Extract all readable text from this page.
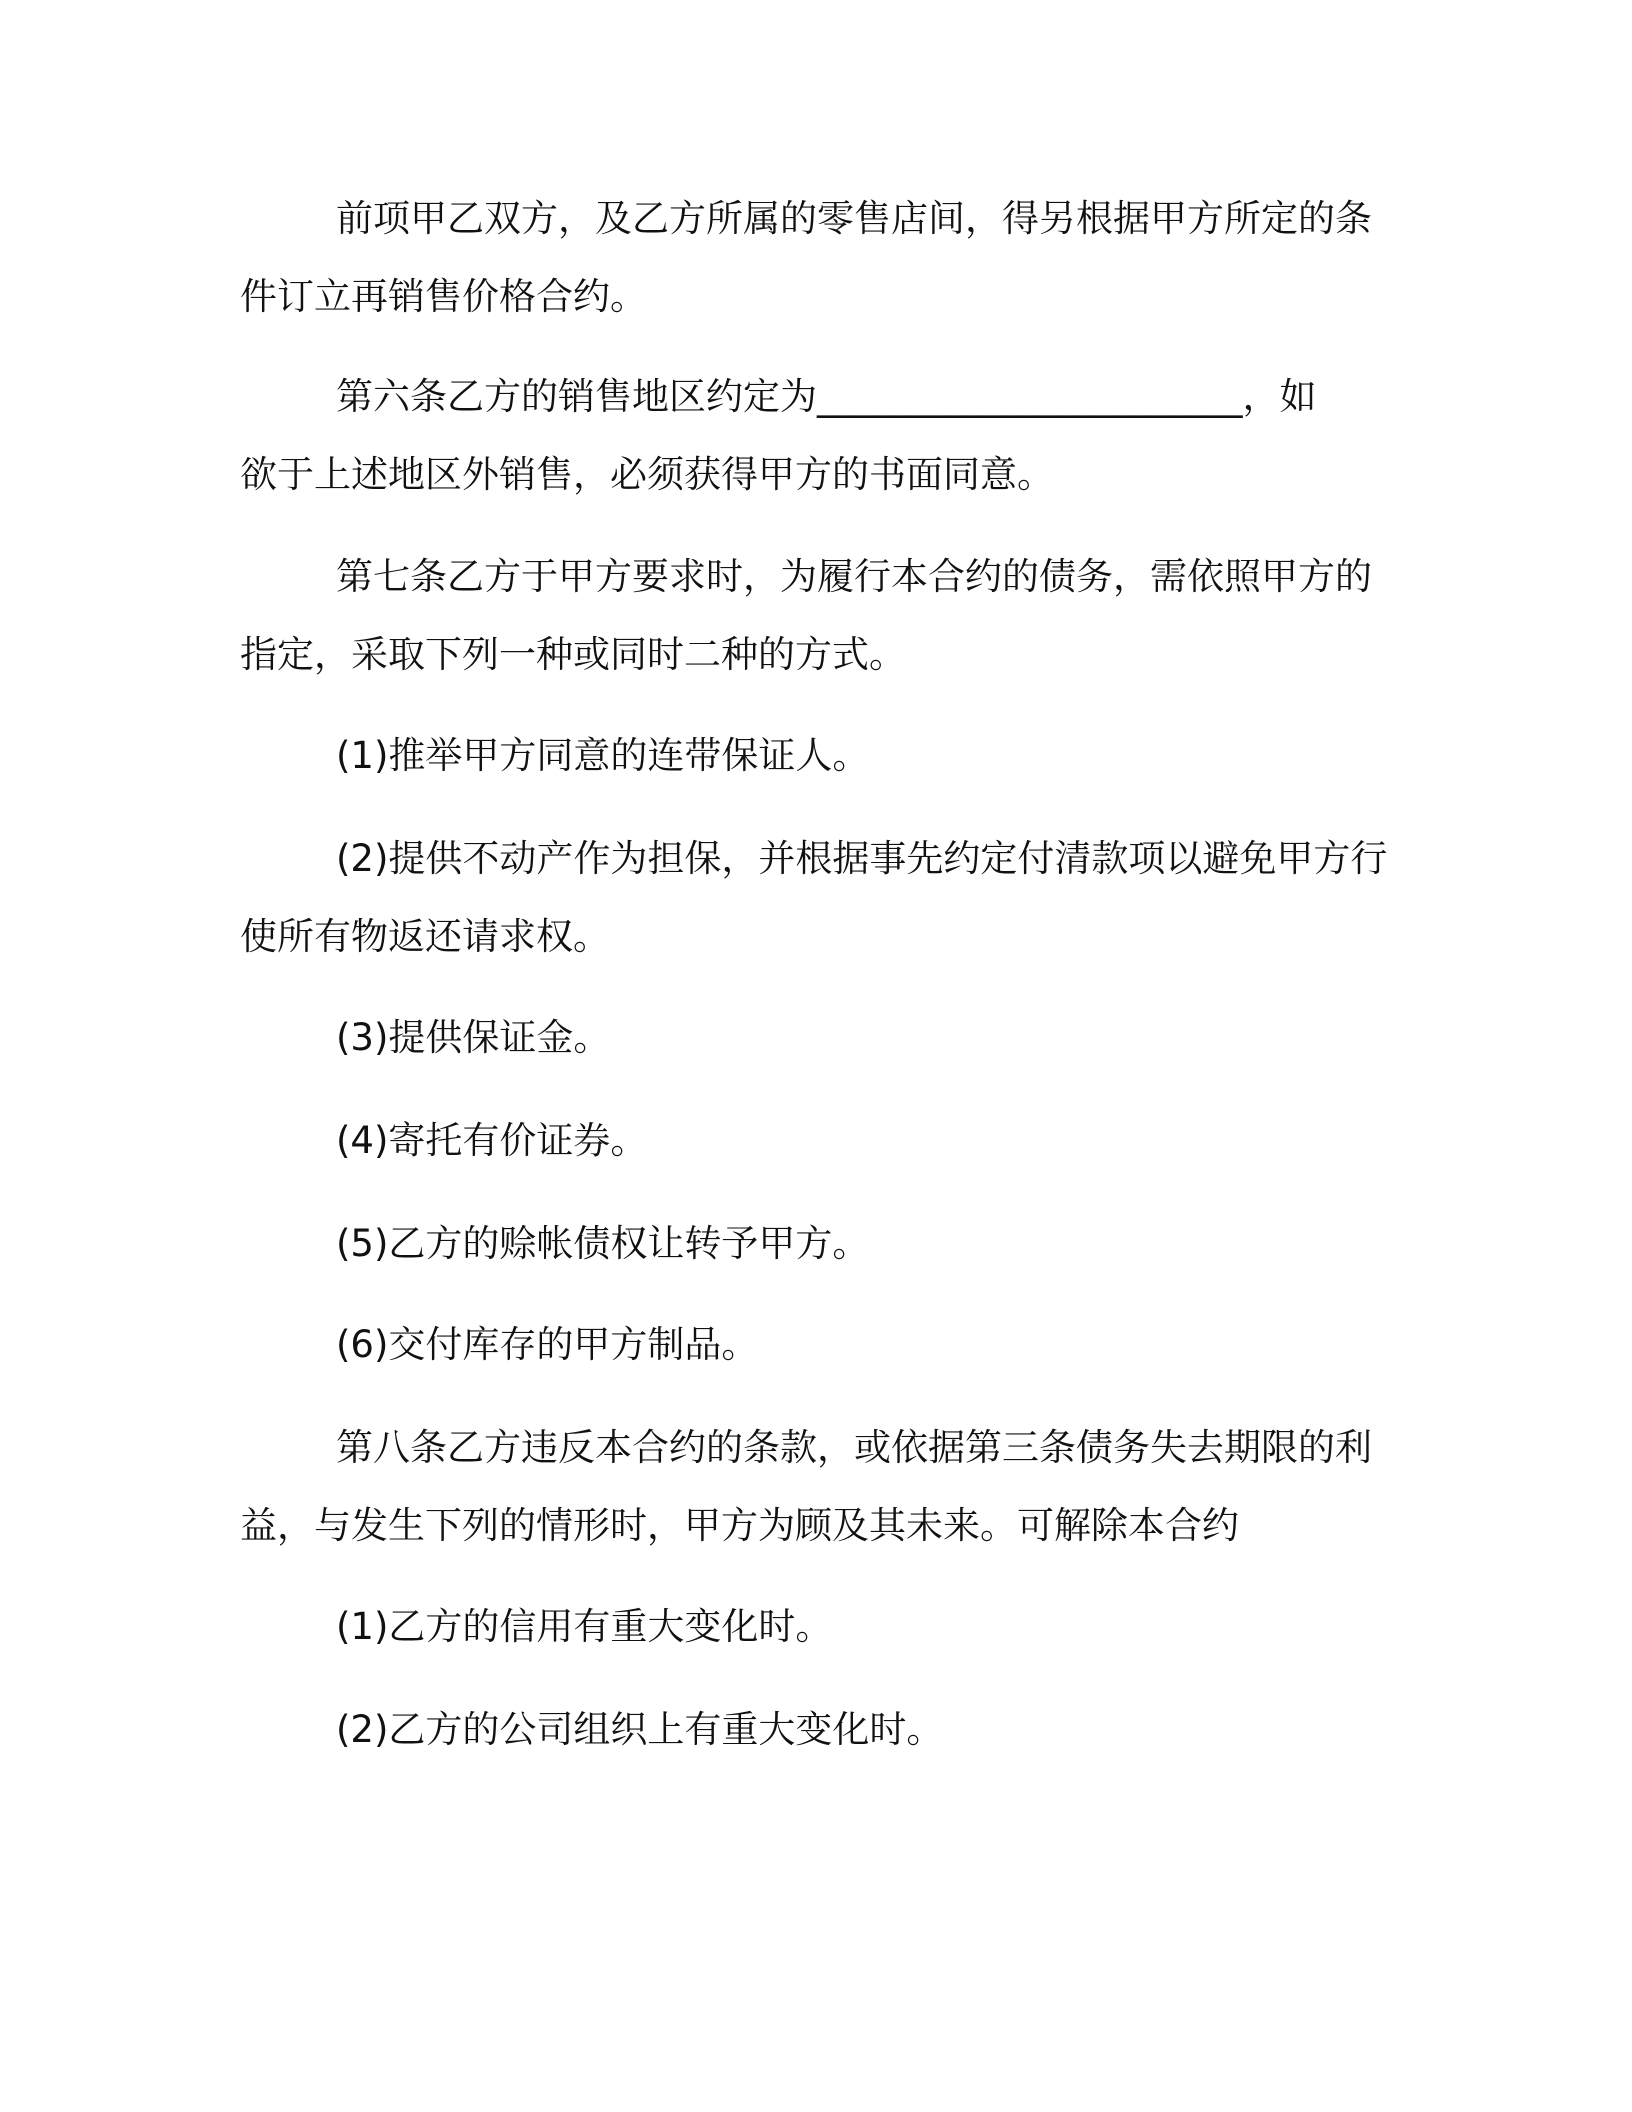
前项甲乙双方，及乙方所属的零售店间，得另根据甲方所定的条
件订立再销售价格合约。

第六条乙方的销售地区约定为_______________________，如
欲于上述地区外销售，必须获得甲方的书面同意。

第七条乙方于甲方要求时，为履行本合约的债务，需依照甲方的
指定，采取下列一种或同时二种的方式。

(1)推举甲方同意的连带保证人。

(2)提供不动产作为担保，并根据事先约定付清款项以避免甲方行
使所有物返还请求权。

(3)提供保证金。

(4)寄托有价证券。

(5)乙方的赊帐债权让转予甲方。

(6)交付库存的甲方制品。

第八条乙方违反本合约的条款，或依据第三条债务失去期限的利
益，与发生下列的情形时，甲方为顾及其未来。可解除本合约

(1)乙方的信用有重大变化时。

(2)乙方的公司组织上有重大变化时。
